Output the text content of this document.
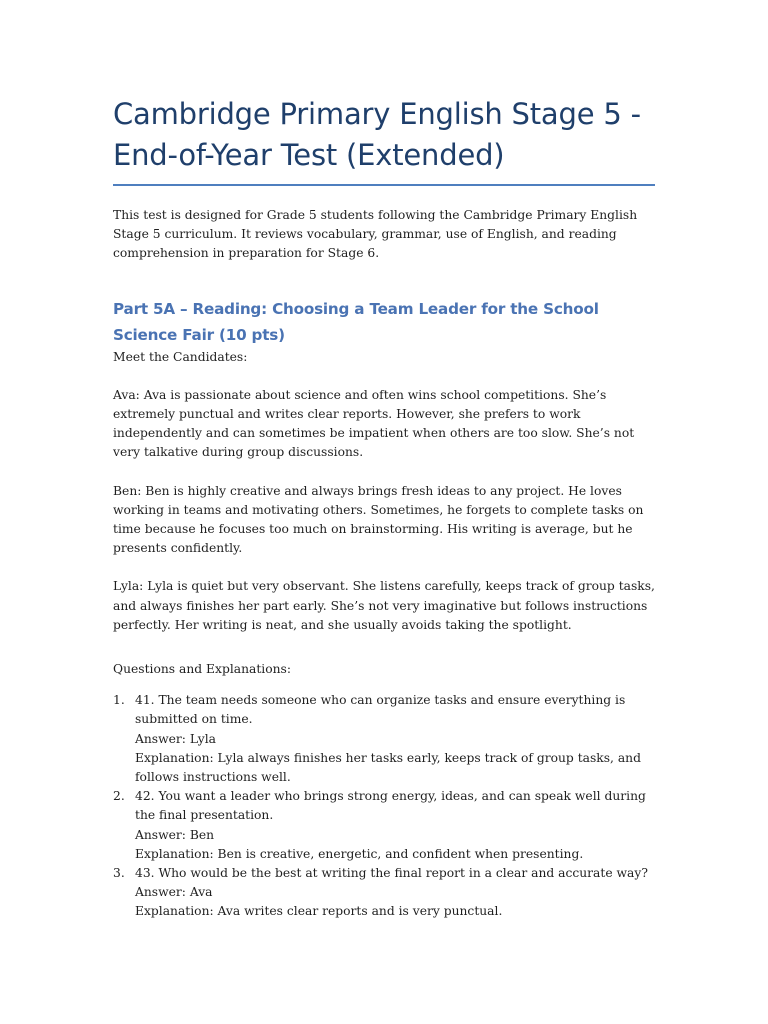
Cambridge Primary English Stage 5 - End-of-Year Test (Extended)

This test is designed for Grade 5 students following the Cambridge Primary English Stage 5 curriculum. It reviews vocabulary, grammar, use of English, and reading comprehension in preparation for Stage 6.

Part 5A – Reading: Choosing a Team Leader for the School Science Fair (10 pts)

Meet the Candidates:

Ava: Ava is passionate about science and often wins school competitions. She’s extremely punctual and writes clear reports. However, she prefers to work independently and can sometimes be impatient when others are too slow. She’s not very talkative during group discussions.

Ben: Ben is highly creative and always brings fresh ideas to any project. He loves working in teams and motivating others. Sometimes, he forgets to complete tasks on time because he focuses too much on brainstorming. His writing is average, but he presents confidently.

Lyla: Lyla is quiet but very observant. She listens carefully, keeps track of group tasks, and always finishes her part early. She’s not very imaginative but follows instructions perfectly. Her writing is neat, and she usually avoids taking the spotlight.

Questions and Explanations:

1. 41. The team needs someone who can organize tasks and ensure everything is submitted on time.
Answer: Lyla
Explanation: Lyla always finishes her tasks early, keeps track of group tasks, and follows instructions well.
2. 42. You want a leader who brings strong energy, ideas, and can speak well during the final presentation.
Answer: Ben
Explanation: Ben is creative, energetic, and confident when presenting.
3. 43. Who would be the best at writing the final report in a clear and accurate way?
Answer: Ava
Explanation: Ava writes clear reports and is very punctual.
